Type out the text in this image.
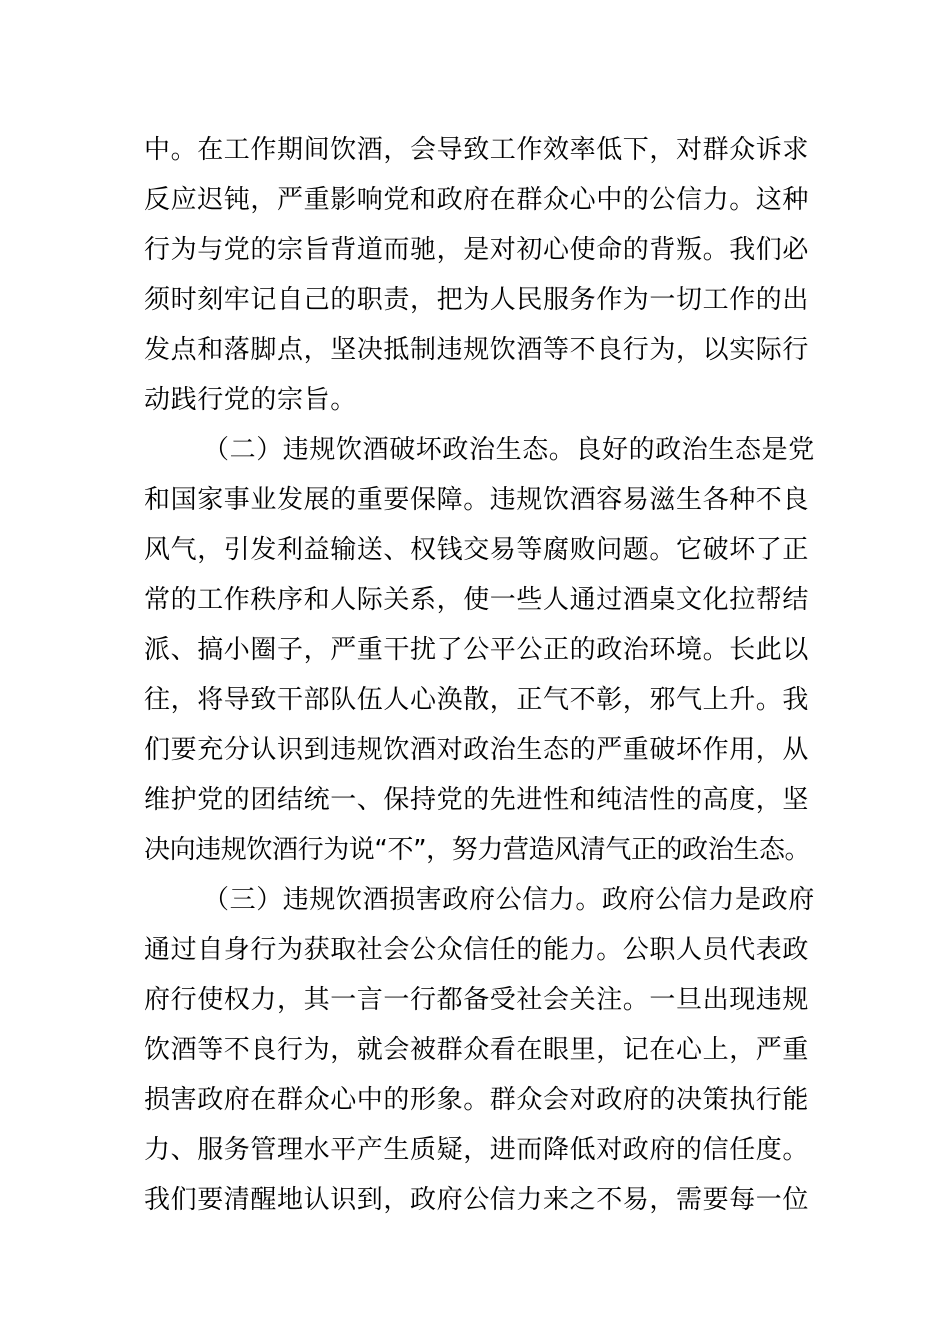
中。在工作期间饮酒，会导致工作效率低下，对群众诉求
反应迟钝，严重影响党和政府在群众心中的公信力。这种
行为与党的宗旨背道而驰，是对初心使命的背叛。我们必
须时刻牢记自己的职责，把为人民服务作为一切工作的出
发点和落脚点，坚决抵制违规饮酒等不良行为，以实际行
动践行党的宗旨。
（二）违规饮酒破坏政治生态。良好的政治生态是党
和国家事业发展的重要保障。违规饮酒容易滋生各种不良
风气，引发利益输送、权钱交易等腐败问题。它破坏了正
常的工作秩序和人际关系，使一些人通过酒桌文化拉帮结
派、搞小圈子，严重干扰了公平公正的政治环境。长此以
往，将导致干部队伍人心涣散，正气不彰，邪气上升。我
们要充分认识到违规饮酒对政治生态的严重破坏作用，从
维护党的团结统一、保持党的先进性和纯洁性的高度，坚
决向违规饮酒行为说“不”，努力营造风清气正的政治生态。
（三）违规饮酒损害政府公信力。政府公信力是政府
通过自身行为获取社会公众信任的能力。公职人员代表政
府行使权力，其一言一行都备受社会关注。一旦出现违规
饮酒等不良行为，就会被群众看在眼里，记在心上，严重
损害政府在群众心中的形象。群众会对政府的决策执行能
力、服务管理水平产生质疑，进而降低对政府的信任度。
我们要清醒地认识到，政府公信力来之不易，需要每一位
